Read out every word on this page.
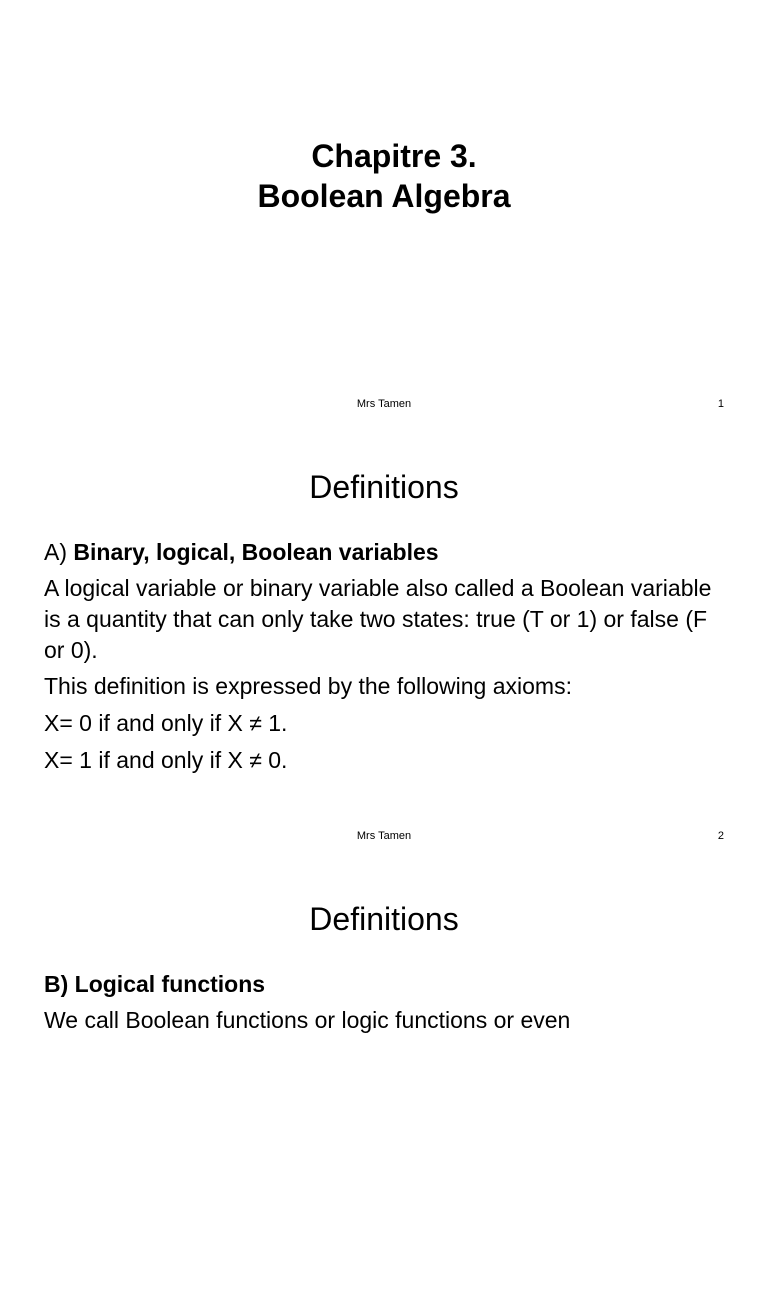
Chapitre 3.
Boolean Algebra
Mrs Tamen	1
Definitions
A) Binary, logical, Boolean variables
A logical variable or binary variable also called a Boolean variable is a quantity that can only take two states: true (T or 1) or false (F or 0).
This definition is expressed by the following axioms:
X= 0 if and only if X ≠ 1.
X= 1 if and only if X ≠ 0.
Mrs Tamen	2
Definitions
B) Logical functions
We call Boolean functions or logic functions or even
